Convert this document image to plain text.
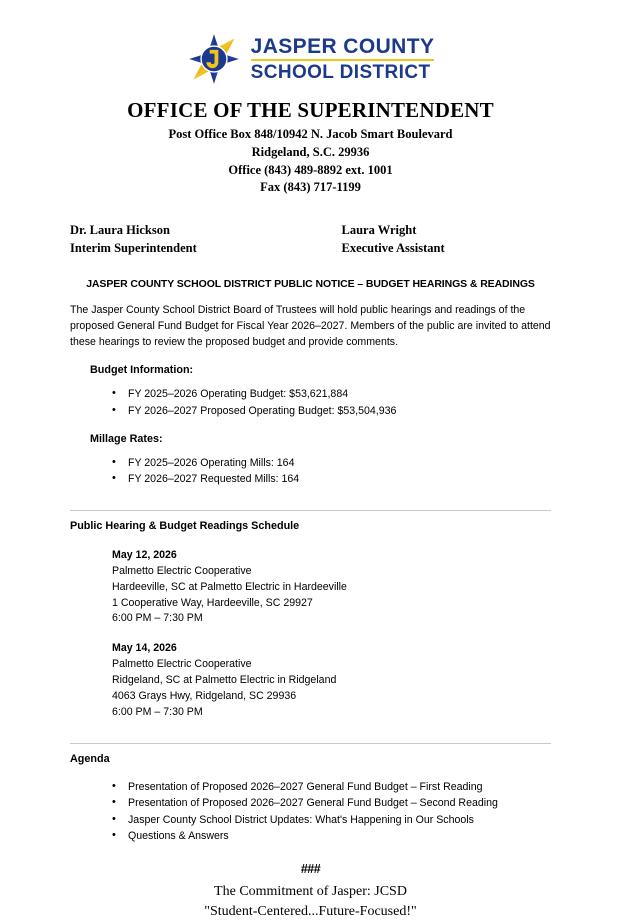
JASPER COUNTY
SCHOOL DISTRICT
OFFICE OF THE SUPERINTENDENT
Post Office Box 848/10942 N. Jacob Smart Boulevard
Ridgeland, S.C. 29936
Office (843) 489-8892 ext. 1001
Fax (843) 717-1199
Dr. Laura Hickson
Interim Superintendent
Laura Wright
Executive Assistant
JASPER COUNTY SCHOOL DISTRICT PUBLIC NOTICE – BUDGET HEARINGS & READINGS

The Jasper County School District Board of Trustees will hold public hearings and readings of the proposed General Fund Budget for Fiscal Year 2026–2027. Members of the public are invited to attend these hearings to review the proposed budget and provide comments.

Budget Information:
• FY 2025–2026 Operating Budget: $53,621,884
• FY 2026–2027 Proposed Operating Budget: $53,504,936
Millage Rates:
• FY 2025–2026 Operating Mills: 164
• FY 2026–2027 Requested Mills: 164
Public Hearing & Budget Readings Schedule
May 12, 2026
Palmetto Electric Cooperative
Hardeeville, SC at Palmetto Electric in Hardeeville
1 Cooperative Way, Hardeeville, SC 29927
6:00 PM – 7:30 PM
May 14, 2026
Palmetto Electric Cooperative
Ridgeland, SC at Palmetto Electric in Ridgeland
4063 Grays Hwy, Ridgeland, SC 29936
6:00 PM – 7:30 PM
Agenda
• Presentation of Proposed 2026–2027 General Fund Budget – First Reading
• Presentation of Proposed 2026–2027 General Fund Budget – Second Reading
• Jasper County School District Updates: What's Happening in Our Schools
• Questions & Answers
###
The Commitment of Jasper: JCSD
"Student-Centered...Future-Focused!"
